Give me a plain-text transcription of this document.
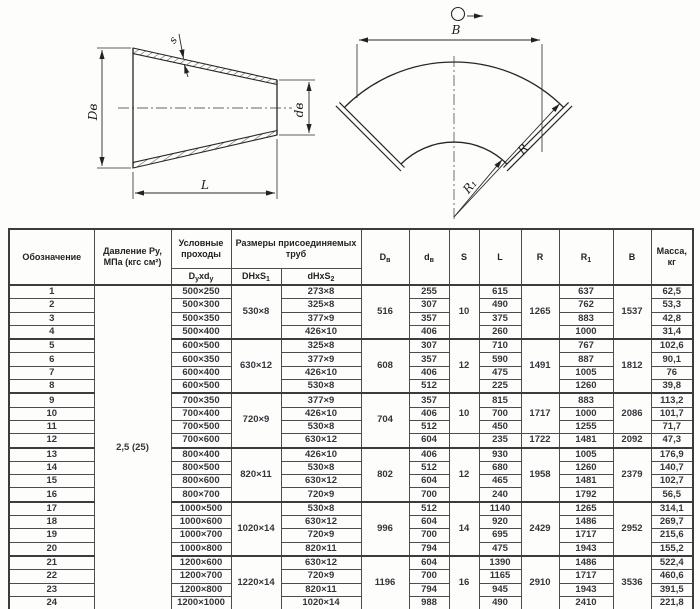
Dв	dв
L
s
B
R
R₁
Обозначение	Давление Ру, МПа (кгс см²)	Условные проходы	Размеры присоединяемых труб		$D_в$	$d_в$	S	L	R	$R_1$	B	Масса, кг
		$D_yxd_y$	DHxS$_1$	dHxS$_2$
1	2,5 (25)	500×250	530×8	273×8	516	255	10	615	1265	637	1537	62,5
2		500×300		325×8		307		490		762		53,3
3		500×350		377×9		357		375		883		42,8
4		500×400		426×10		406		260		1000		31,4
5		600×500	630×12	325×8	608	307	12	710	1491	767	1812	102,6
6		600×350		377×9		357		590		887		90,1
7		600×400		426×10		406		475		1005		76
8		600×500		530×8		512		225		1260		39,8
9		700×350	720×9	377×9	704	357	10	815	1717	883	2086	113,2
10		700×400		426×10		406		700		1000		101,7
11		700×500		530×8		512		450		1255		71,7
12		700×600		630×12		604		235	1722	1481	2092	47,3
13		800×400	820×11	426×10	802	406	12	930	1958	1005	2379	176,9
14		800×500		530×8		512		680		1260		140,7
15		800×600		630×12		604		465		1481		102,7
16		800×700		720×9		700		240		1792		56,5
17		1000×500	1020×14	530×8	996	512	14	1140	2429	1265	2952	314,1
18		1000×600		630×12		604		920		1486		269,7
19		1000×700		720×9		700		695		1717		215,6
20		1000×800		820×11		794		475		1943		155,2
21		1200×600	1220×14	630×12	1196	604	16	1390	2910	1486	3536	522,4
22		1200×700		720×9		700		1165		1717		460,6
23		1200×800		820×11		794		945		1943		391,5
24		1200×1000		1020×14		988		490		2410		221,8
